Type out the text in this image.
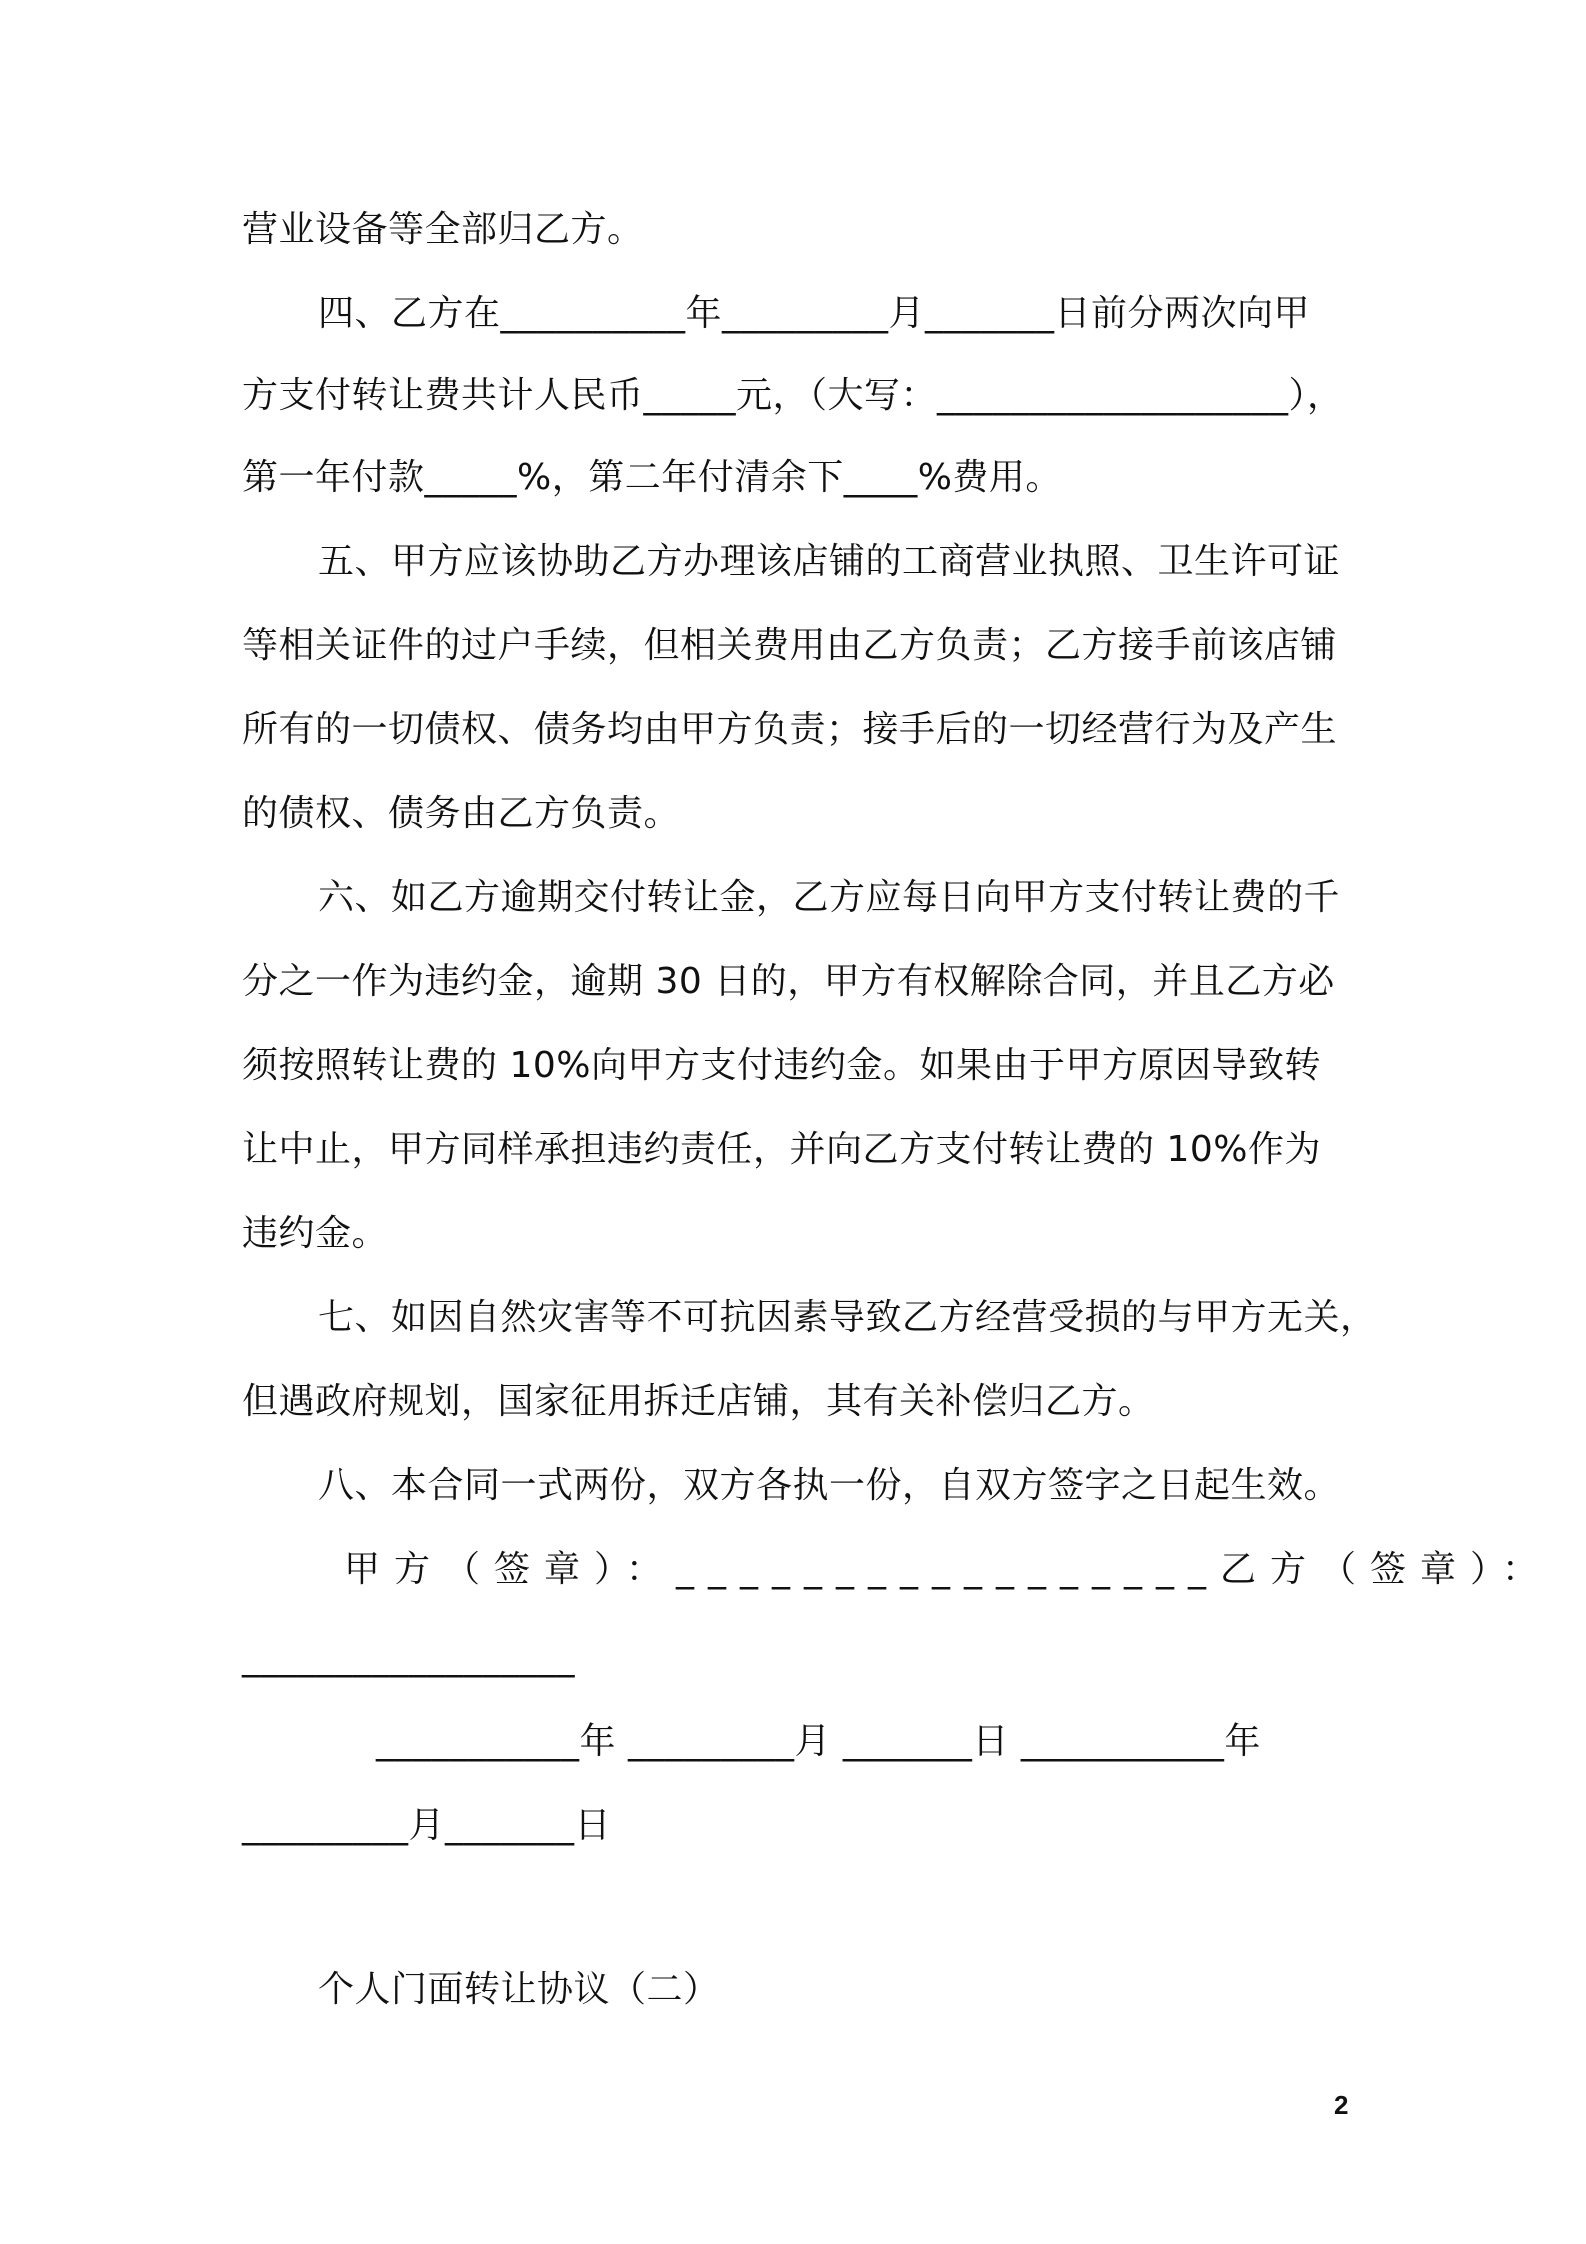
营业设备等全部归乙方。
四、乙方在__________年_________月_______日前分两次向甲
方支付转让费共计人民币_____元，（大写：___________________），
第一年付款_____%，第二年付清余下____%费用。
五、甲方应该协助乙方办理该店铺的工商营业执照、卫生许可证
等相关证件的过户手续，但相关费用由乙方负责；乙方接手前该店铺
所有的一切债权、债务均由甲方负责；接手后的一切经营行为及产生
的债权、债务由乙方负责。
六、如乙方逾期交付转让金，乙方应每日向甲方支付转让费的千
分之一作为违约金，逾期 30 日的，甲方有权解除合同，并且乙方必
须按照转让费的 10%向甲方支付违约金。如果由于甲方原因导致转
让中止，甲方同样承担违约责任，并向乙方支付转让费的 10%作为
违约金。
七、如因自然灾害等不可抗因素导致乙方经营受损的与甲方无关，
但遇政府规划，国家征用拆迁店铺，其有关补偿归乙方。
八、本合同一式两份，双方各执一份，自双方签字之日起生效。
甲方（签章）：_________________乙方（签章）：
__________________
___________年 _________月 _______日 ___________年
_________月_______日
个人门面转让协议（二）
2
